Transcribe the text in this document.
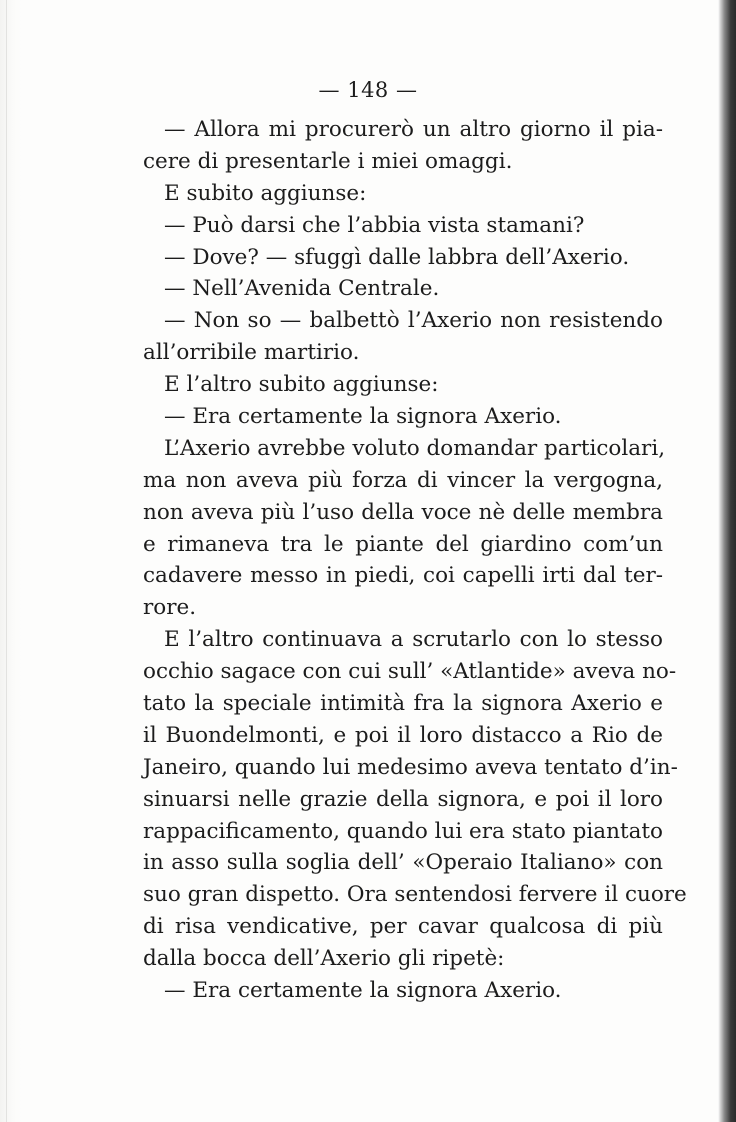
— 148 —
— Allora mi procurerò un altro giorno il pia-
cere di presentarle i miei omaggi.
E subito aggiunse:
— Può darsi che l’abbia vista stamani?
— Dove? — sfuggì dalle labbra dell’Axerio.
— Nell’Avenida Centrale.
— Non so — balbettò l’Axerio non resistendo
all’orribile martirio.
E l’altro subito aggiunse:
— Era certamente la signora Axerio.
L’Axerio avrebbe voluto domandar particolari,
ma non aveva più forza di vincer la vergogna,
non aveva più l’uso della voce nè delle membra
e rimaneva tra le piante del giardino com’un
cadavere messo in piedi, coi capelli irti dal ter-
rore.
E l’altro continuava a scrutarlo con lo stesso
occhio sagace con cui sull’ «Atlantide» aveva no-
tato la speciale intimità fra la signora Axerio e
il Buondelmonti, e poi il loro distacco a Rio de
Janeiro, quando lui medesimo aveva tentato d’in-
sinuarsi nelle grazie della signora, e poi il loro
rappacificamento, quando lui era stato piantato
in asso sulla soglia dell’ «Operaio Italiano» con
suo gran dispetto. Ora sentendosi fervere il cuore
di risa vendicative, per cavar qualcosa di più
dalla bocca dell’Axerio gli ripetè:
— Era certamente la signora Axerio.
